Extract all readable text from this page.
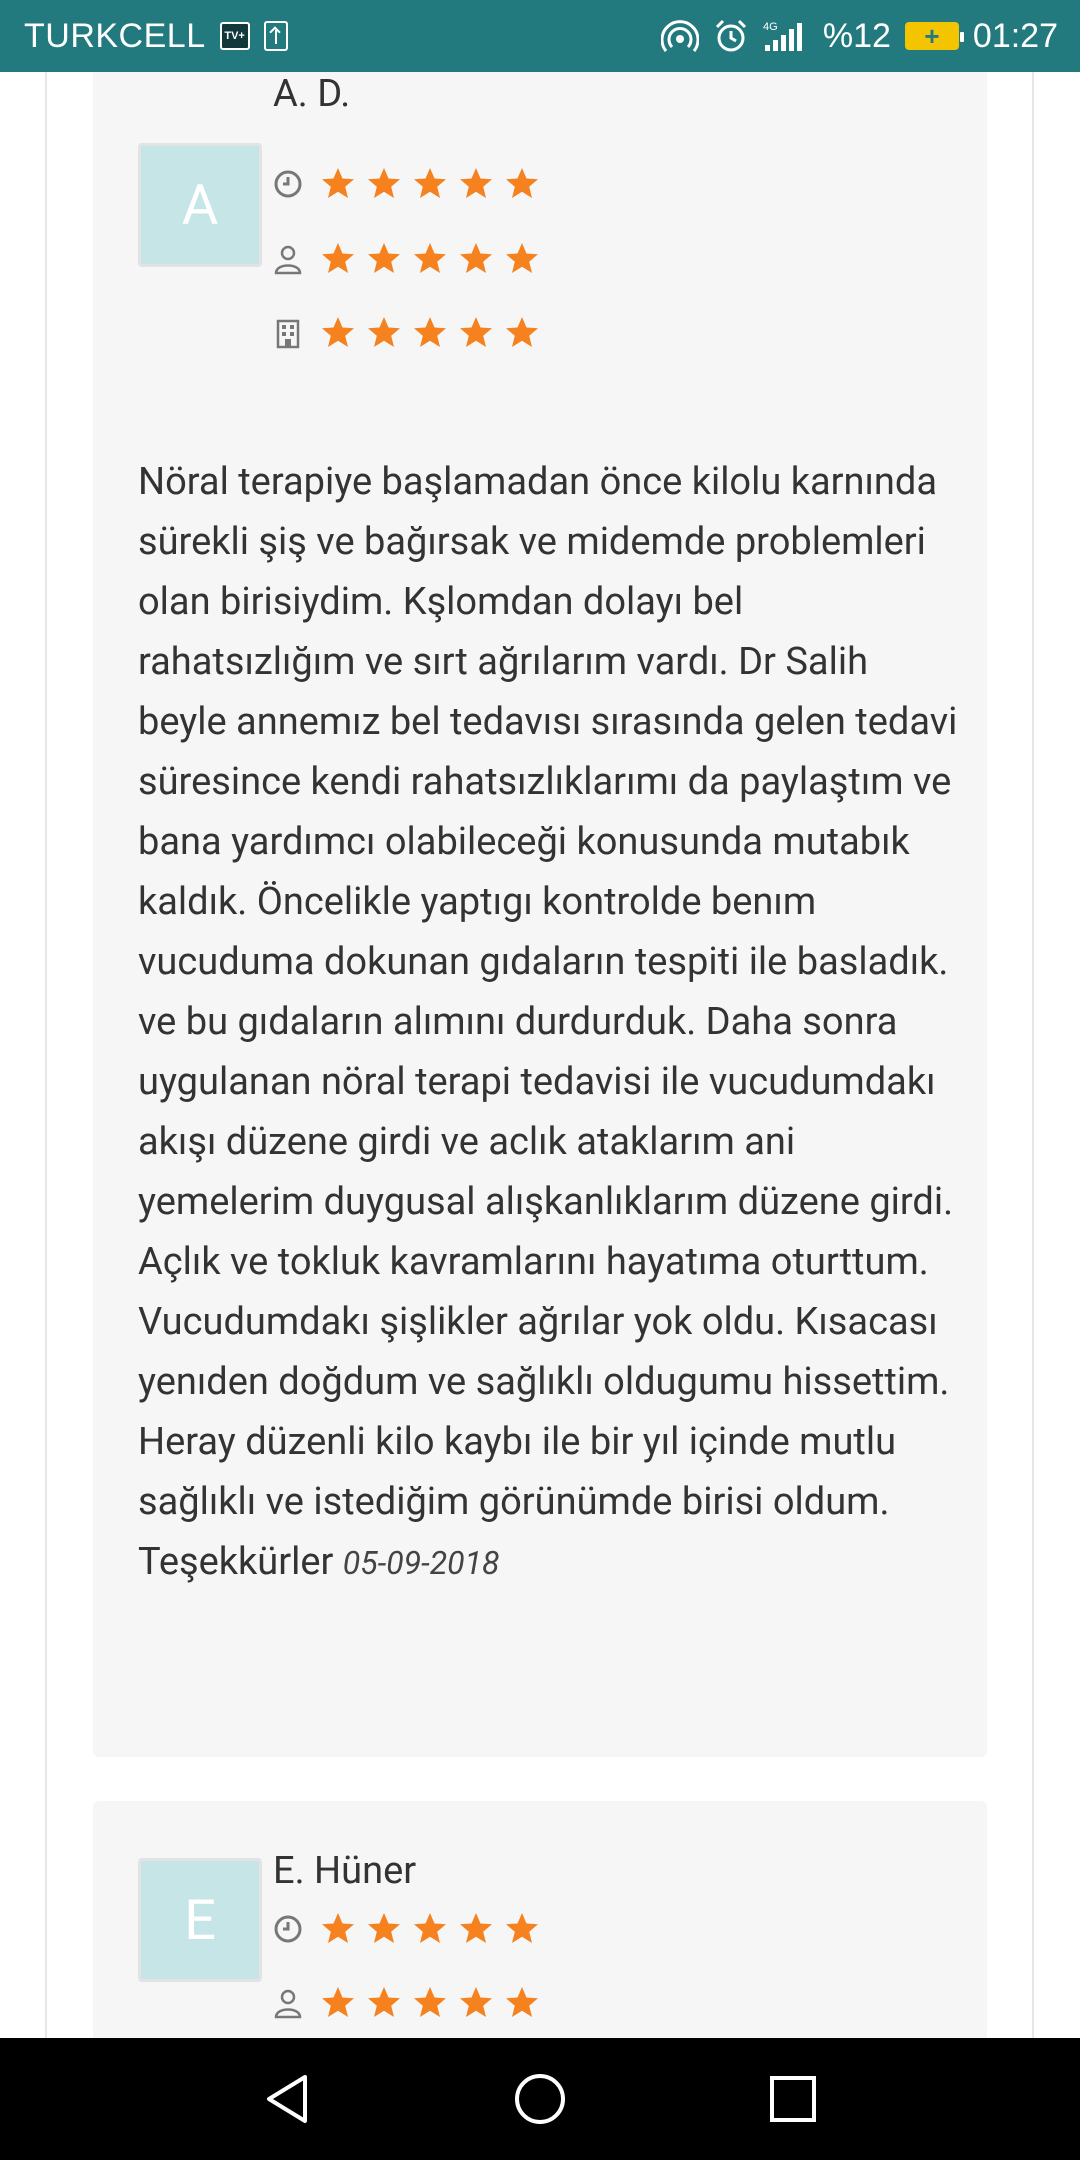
TURKCELL	TV+
4G %12 + 01:27
A
A. D.

Nöral terapiye başlamadan önce kilolu karnında sürekli şiş ve bağırsak ve midemde problemleri olan birisiydim. Kşlomdan dolayı bel rahatsızlığım ve sırt ağrılarım vardı. Dr Salih beyle annemız bel tedavısı sırasında gelen tedavi süresince kendi rahatsızlıklarımı da paylaştım ve bana yardımcı olabileceği konusunda mutabık kaldık. Öncelikle yaptıgı kontrolde benım vucuduma dokunan gıdaların tespiti ile basladık. ve bu gıdaların alımını durdurduk. Daha sonra uygulanan nöral terapi tedavisi ile vucudumdakı akışı düzene girdi ve aclık ataklarım ani yemelerim duygusal alışkanlıklarım düzene girdi. Açlık ve tokluk kavramlarını hayatıma oturttum. Vucudumdakı şişlikler ağrılar yok oldu. Kısacası yenıden doğdum ve sağlıklı oldugumu hissettim. Heray düzenli kilo kaybı ile bir yıl içinde mutlu sağlıklı ve istediğim görünümde birisi oldum. Teşekkürler 05-09-2018

E
E. Hüner
